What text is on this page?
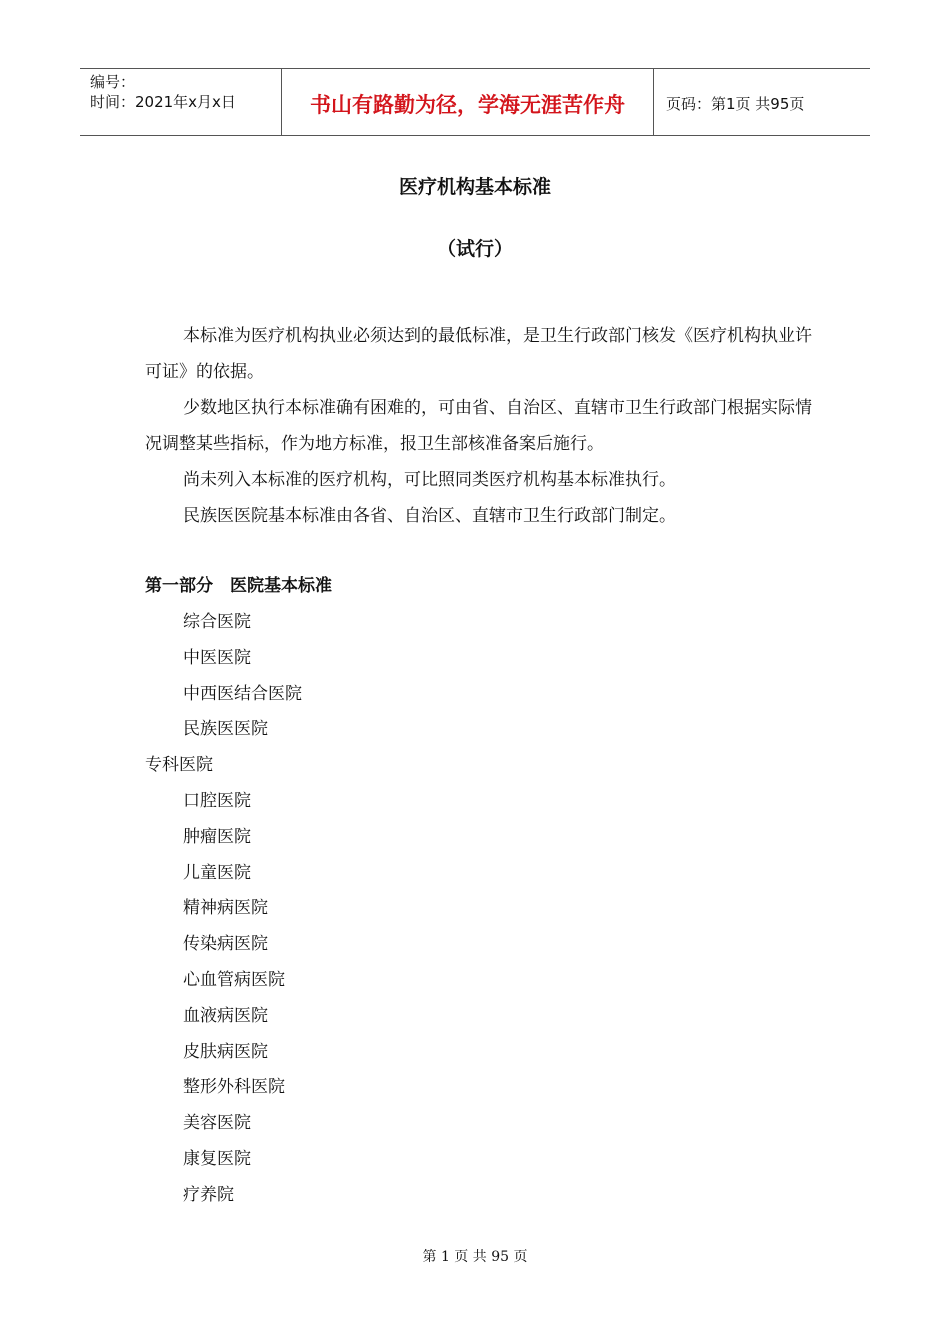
编号：
时间：2021年x月x日	书山有路勤为径，学海无涯苦作舟	页码：第1页 共95页
医疗机构基本标准
（试行）

本标准为医疗机构执业必须达到的最低标准，是卫生行政部门核发《医疗机构执业许可证》的依据。

少数地区执行本标准确有困难的，可由省、自治区、直辖市卫生行政部门根据实际情况调整某些指标，作为地方标准，报卫生部核准备案后施行。

尚未列入本标准的医疗机构，可比照同类医疗机构基本标准执行。

民族医医院基本标准由各省、自治区、直辖市卫生行政部门制定。

第一部分　医院基本标准
综合医院
中医医院
中西医结合医院
民族医医院
专科医院
口腔医院
肿瘤医院
儿童医院
精神病医院
传染病医院
心血管病医院
血液病医院
皮肤病医院
整形外科医院
美容医院
康复医院
疗养院
第 1 页 共 95 页
